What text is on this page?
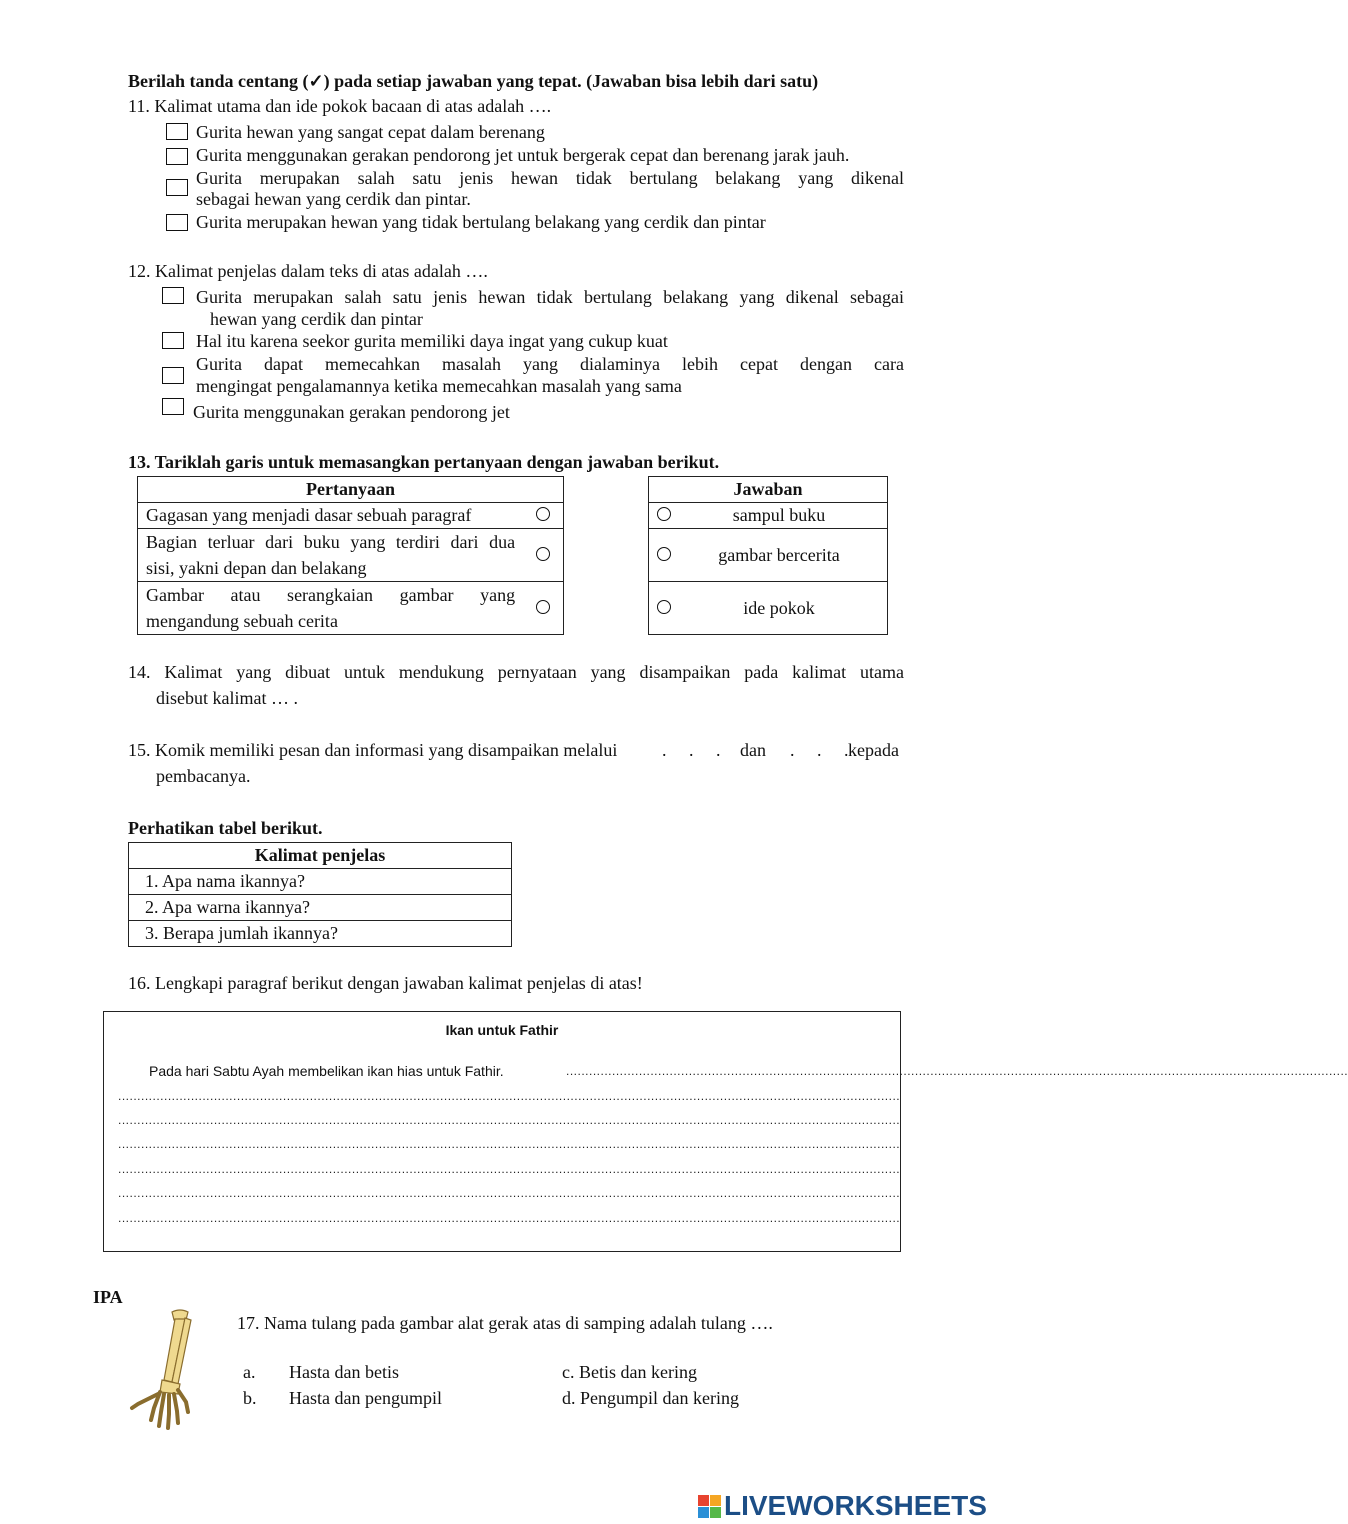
Berilah tanda centang (✓) pada setiap jawaban yang tepat. (Jawaban bisa lebih dari satu)
11. Kalimat utama dan ide pokok bacaan di atas adalah ….
Gurita hewan yang sangat cepat dalam berenang
Gurita menggunakan gerakan pendorong jet untuk bergerak cepat dan berenang jarak jauh.
Gurita merupakan salah satu jenis hewan tidak bertulang belakang yang dikenal
sebagai hewan yang cerdik dan pintar.
Gurita merupakan hewan yang tidak bertulang belakang yang cerdik dan pintar
12. Kalimat penjelas dalam teks di atas adalah ….
Gurita merupakan salah satu jenis hewan tidak bertulang belakang yang dikenal sebagai
hewan yang cerdik dan pintar
Hal itu karena seekor gurita memiliki daya ingat yang cukup kuat
Gurita dapat memecahkan masalah yang dialaminya lebih cepat dengan cara
mengingat pengalamannya ketika memecahkan masalah yang sama
Gurita menggunakan gerakan pendorong jet
13. Tariklah garis untuk memasangkan pertanyaan dengan jawaban berikut.
Pertanyaan	
Gagasan yang menjadi dasar sebuah paragraf	

Bagian terluar dari buku yang terdiri dari dua
sisi, yakni depan dan belakang	

Gambar atau serangkaian gambar yang
mengandung sebuah cerita	

Jawaban	
	sampul buku
	gambar bercerita
	ide pokok
14. Kalimat yang dibuat untuk mendukung pernyataan yang disampaikan pada kalimat utama
disebut kalimat … .
15. Komik memiliki pesan dan informasi yang disampaikan melalui . . . dan . . .
kepada
pembacanya.
Perhatikan tabel berikut.
Kalimat penjelas
1. Apa nama ikannya?
2. Apa warna ikannya?
3. Berapa jumlah ikannya?
16. Lengkapi paragraf berikut dengan jawaban kalimat penjelas di atas!
Ikan untuk Fathir
Pada hari Sabtu Ayah membelikan ikan hias untuk Fathir.	............................................................................................................................................................................................................
............................................................................................................................................................................................................
............................................................................................................................................................................................................
............................................................................................................................................................................................................
............................................................................................................................................................................................................
............................................................................................................................................................................................................
............................................................................................................................................................................................................
IPA
17. Nama tulang pada gambar alat gerak atas di samping adalah tulang ….
a. Hasta dan betis
b. Hasta dan pengumpil
c. Betis dan kering
d. Pengumpil dan kering
LIVEWORKSHEETS
